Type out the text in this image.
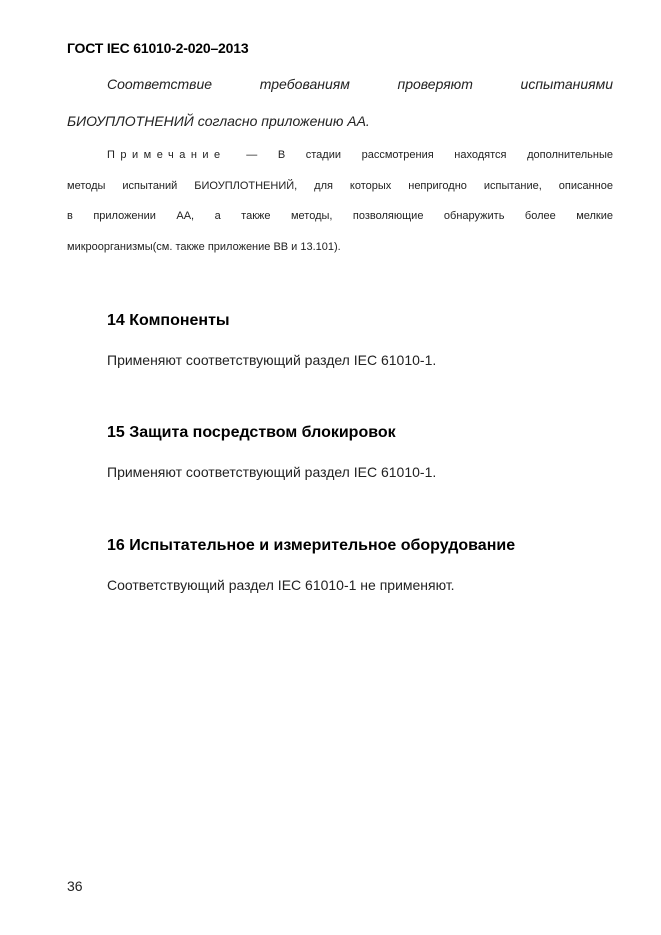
ГОСТ IEC 61010-2-020–2013
Соответствие требованиям проверяют испытаниями
БИОУПЛОТНЕНИЙ согласно приложению АА.
Примечание — В стадии рассмотрения находятся дополнительные
методы испытаний БИОУПЛОТНЕНИЙ, для которых непригодно испытание, описанное
в приложении АА, а также методы, позволяющие обнаружить более мелкие
микроорганизмы(см. также приложение ВВ и 13.101).
14 Компоненты
Применяют соответствующий раздел IEC 61010-1.
15 Защита посредством блокировок
Применяют соответствующий раздел IEC 61010-1.
16 Испытательное и измерительное оборудование
Соответствующий раздел IEC 61010-1 не применяют.
36
